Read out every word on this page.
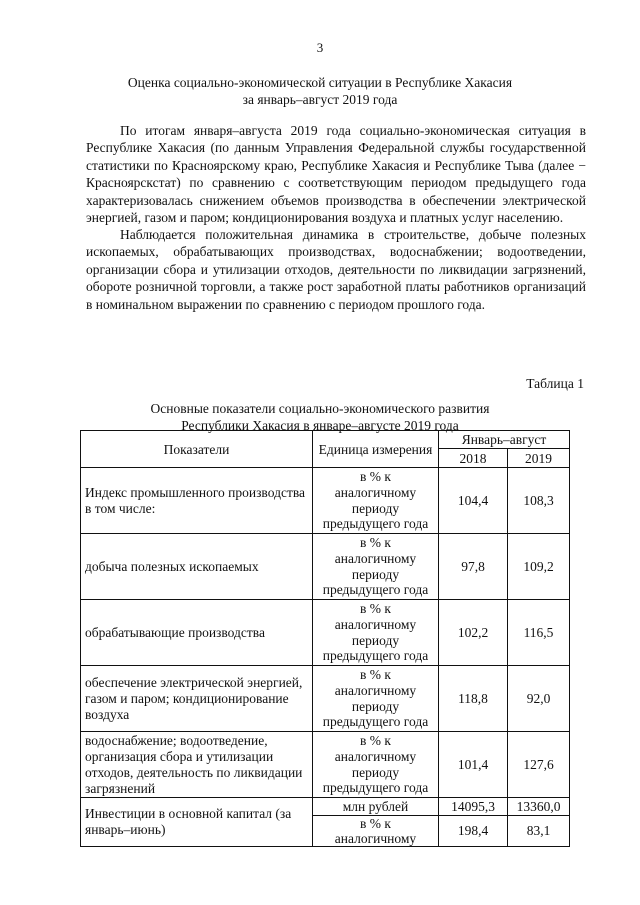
3
Оценка социально-экономической ситуации в Республике Хакасия
за январь–август 2019 года
По итогам января–августа 2019 года социально-экономическая ситуация в Республике Хакасия (по данным Управления Федеральной службы государственной статистики по Красноярскому краю, Республике Хакасия и Республике Тыва (далее − Красноярскстат) по сравнению с соответствующим периодом предыдущего года характеризовалась снижением объемов производства в обеспечении электрической энергией, газом и паром; кондиционирования воздуха и платных услуг населению.
Наблюдается положительная динамика в строительстве, добыче полезных ископаемых, обрабатывающих производствах, водоснабжении; водоотведении, организации сбора и утилизации отходов, деятельности по ликвидации загрязнений, обороте розничной торговли, а также рост заработной платы работников организаций в номинальном выражении по сравнению с периодом прошлого года.
Таблица 1
Основные показатели социально-экономического развития
Республики Хакасия в январе–августе 2019 года
Показатели	Единица измерения	Январь–август	
		2018	2019
Индекс промышленного производства в том числе:	в % к
аналогичному
периоду
предыдущего года	104,4	108,3
добыча полезных ископаемых	в % к
аналогичному
периоду
предыдущего года	97,8	109,2
обрабатывающие производства	в % к
аналогичному
периоду
предыдущего года	102,2	116,5
обеспечение электрической энергией, газом и паром; кондиционирование воздуха	в % к
аналогичному
периоду
предыдущего года	118,8	92,0
водоснабжение; водоотведение, организация сбора и утилизации отходов, деятельность по ликвидации загрязнений	в % к
аналогичному
периоду
предыдущего года	101,4	127,6
Инвестиции в основной капитал (за январь–июнь)	млн рублей	14095,3	13360,0

	в % к
аналогичному	198,4	83,1
